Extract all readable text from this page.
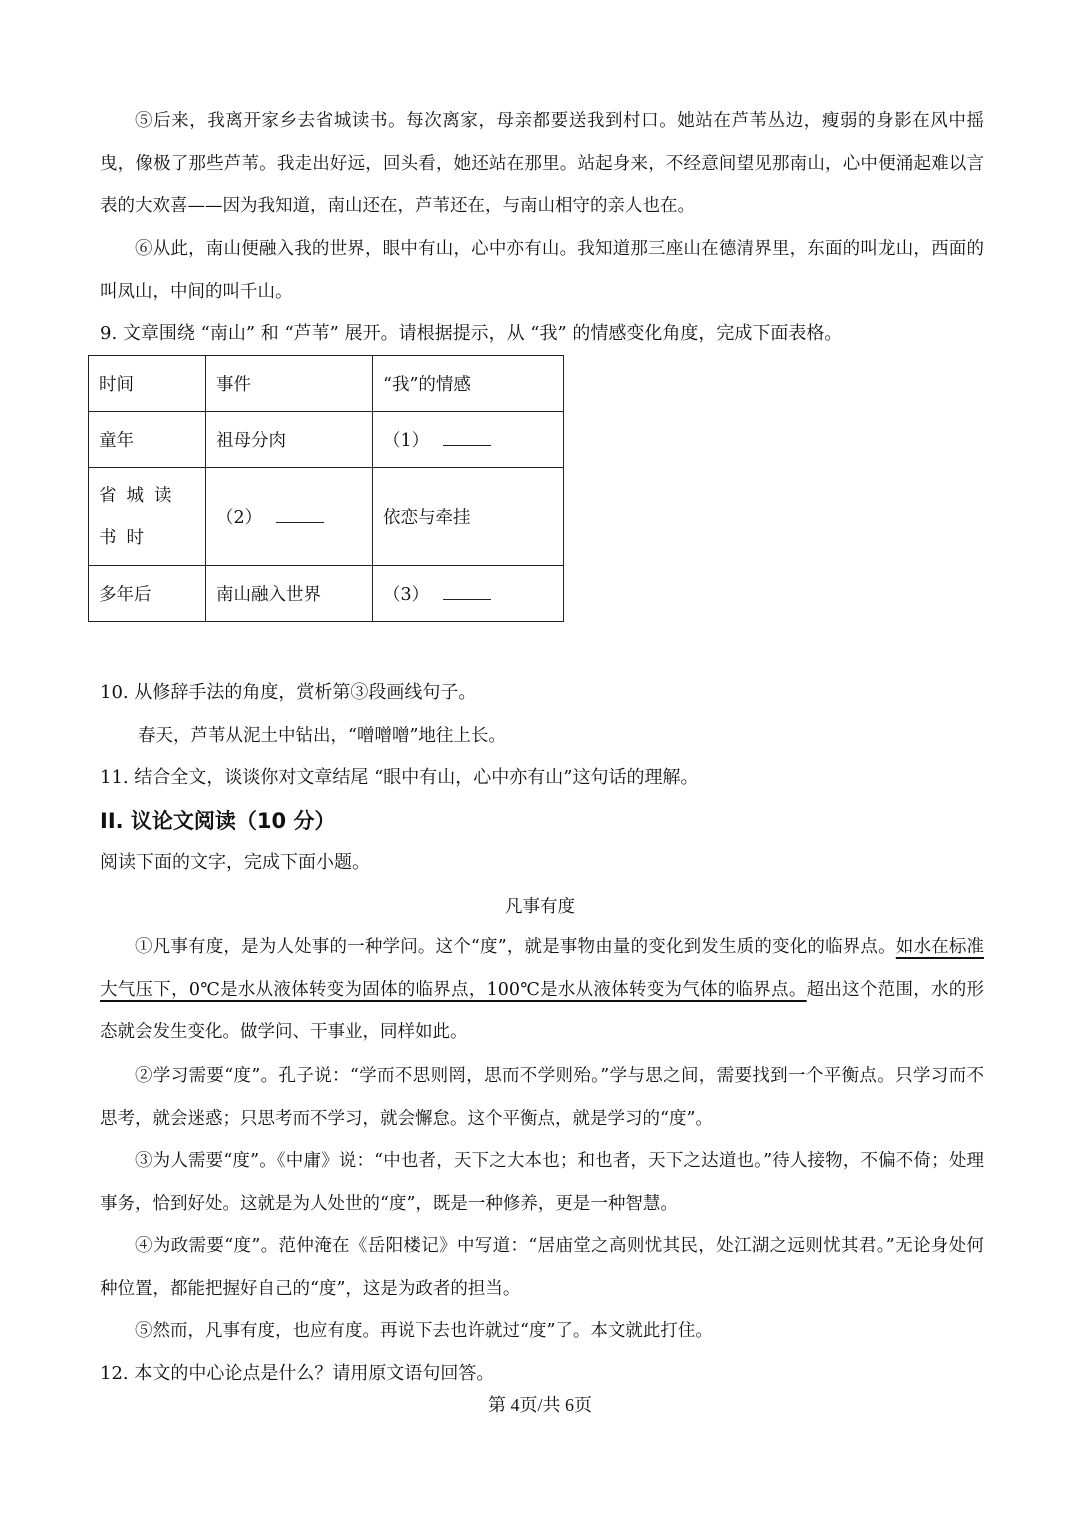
⑤后来，我离开家乡去省城读书。每次离家，母亲都要送我到村口。她站在芦苇丛边，瘦弱的身影在风中摇曳，像极了那些芦苇。我走出好远，回头看，她还站在那里。站起身来，不经意间望见那南山，心中便涌起难以言表的大欢喜——因为我知道，南山还在，芦苇还在，与南山相守的亲人也在。

⑥从此，南山便融入我的世界，眼中有山，心中亦有山。我知道那三座山在德清界里，东面的叫龙山，西面的叫凤山，中间的叫千山。

9. 文章围绕 “南山” 和 “芦苇” 展开。请根据提示，从 “我” 的情感变化角度，完成下面表格。

时间	事件	“我”的情感
童年	祖母分肉	（1）
省城读书时	（2）	依恋与牵挂
多年后	南山融入世界	（3）

10. 从修辞手法的角度，赏析第③段画线句子。

春天，芦苇从泥土中钻出，“噌噌噌”地往上长。

11. 结合全文，谈谈你对文章结尾 “眼中有山，心中亦有山”这句话的理解。

II. 议论文阅读（10 分）

阅读下面的文字，完成下面小题。

凡事有度

①凡事有度，是为人处事的一种学问。这个“度”，就是事物由量的变化到发生质的变化的临界点。如水在标准大气压下，0℃是水从液体转变为固体的临界点，100℃是水从液体转变为气体的临界点。超出这个范围，水的形态就会发生变化。做学问、干事业，同样如此。

②学习需要“度”。孔子说：“学而不思则罔，思而不学则殆。”学与思之间，需要找到一个平衡点。只学习而不思考，就会迷惑；只思考而不学习，就会懈怠。这个平衡点，就是学习的“度”。

③为人需要“度”。《中庸》说：“中也者，天下之大本也；和也者，天下之达道也。”待人接物，不偏不倚；处理事务，恰到好处。这就是为人处世的“度”，既是一种修养，更是一种智慧。

④为政需要“度”。范仲淹在《岳阳楼记》中写道：“居庙堂之高则忧其民，处江湖之远则忧其君。”无论身处何种位置，都能把握好自己的“度”，这是为政者的担当。

⑤然而，凡事有度，也应有度。再说下去也许就过“度”了。本文就此打住。

12. 本文的中心论点是什么？请用原文语句回答。

第 4页/共 6页
